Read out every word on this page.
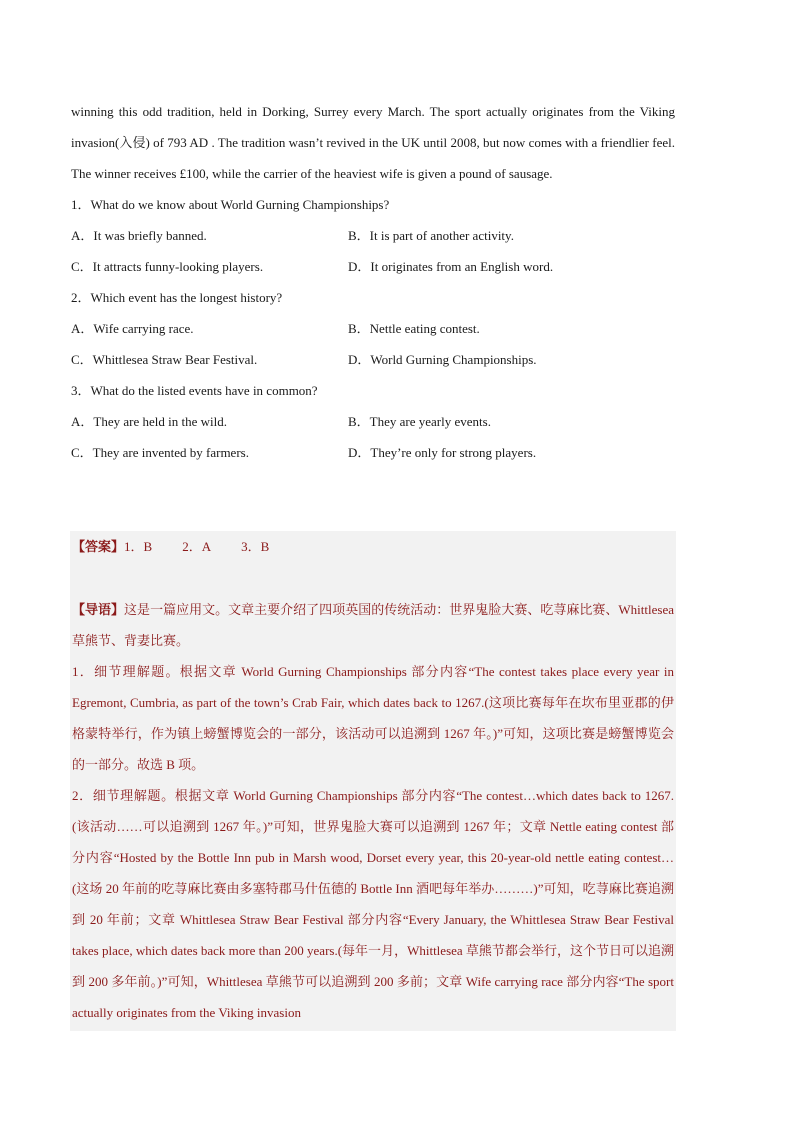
winning this odd tradition, held in Dorking, Surrey every March. The sport actually originates from the Viking invasion(入侵) of 793 AD . The tradition wasn’t revived in the UK until 2008, but now comes with a friendlier feel. The winner receives £100, while the carrier of the heaviest wife is given a pound of sausage.

1．What do we know about World Gurning Championships?
A．It was briefly banned.	B．It is part of another activity.
C．It attracts funny-looking players.	D．It originates from an English word.
2．Which event has the longest history?
A．Wife carrying race.	B．Nettle eating contest.
C．Whittlesea Straw Bear Festival.	D．World Gurning Championships.
3．What do the listed events have in common?
A．They are held in the wild.	B．They are yearly events.
C．They are invented by farmers.	D．They’re only for strong players.
【答案】1．B 2．A 3．B

【导语】这是一篇应用文。文章主要介绍了四项英国的传统活动：世界鬼脸大赛、吃荨麻比赛、Whittlesea 草熊节、背妻比赛。

1．细节理解题。根据文章 World Gurning Championships 部分内容“The contest takes place every year in Egremont, Cumbria, as part of the town’s Crab Fair, which dates back to 1267.(这项比赛每年在坎布里亚郡的伊格蒙特举行，作为镇上螃蟹博览会的一部分，该活动可以追溯到 1267 年。)”可知，这项比赛是螃蟹博览会的一部分。故选 B 项。

2．细节理解题。根据文章 World Gurning Championships 部分内容“The contest…which dates back to 1267.(该活动……可以追溯到 1267 年。)”可知，世界鬼脸大赛可以追溯到 1267 年；文章 Nettle eating contest 部分内容“Hosted by the Bottle Inn pub in Marsh wood, Dorset every year, this 20-year-old nettle eating contest…(这场 20 年前的吃荨麻比赛由多塞特郡马什伍德的 Bottle Inn 酒吧每年举办………)”可知，吃荨麻比赛追溯到 20 年前；文章 Whittlesea Straw Bear Festival 部分内容“Every January, the Whittlesea Straw Bear Festival takes place, which dates back more than 200 years.(每年一月，Whittlesea 草熊节都会举行，这个节日可以追溯到 200 多年前。)”可知，Whittlesea 草熊节可以追溯到 200 多前；文章 Wife carrying race 部分内容“The sport actually originates from the Viking invasion
